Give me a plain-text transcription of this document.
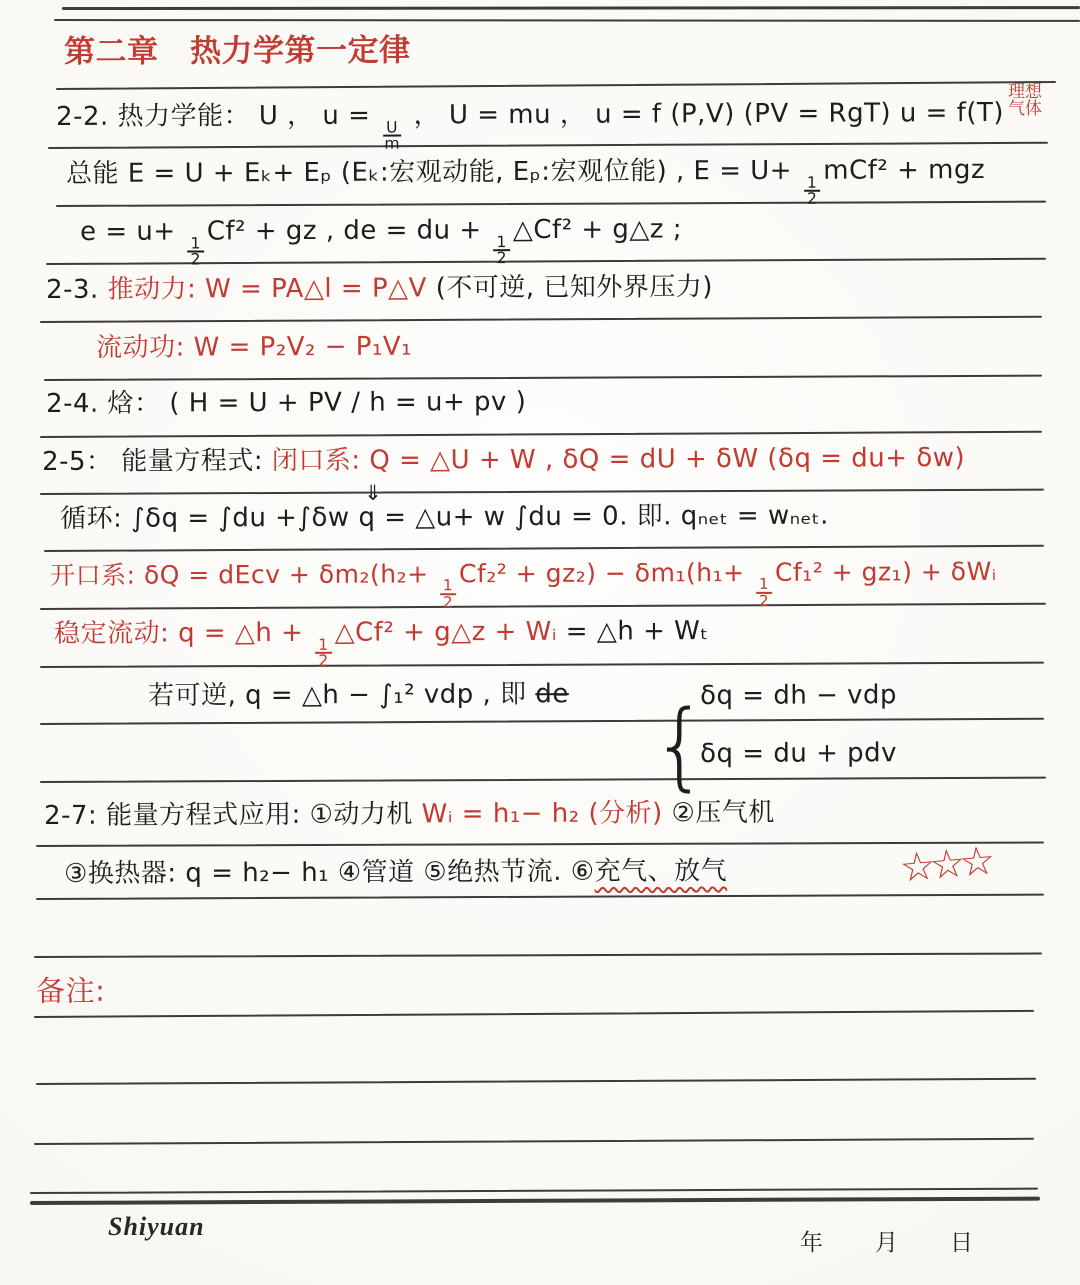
第二章　热力学第一定律
2-2. 热力学能： U ， u =
$\frac{U}{m}$
， U = mu ， u = f (P,V) (PV = RgT) u = f(T)
理想
气体
总能 E = U + Eₖ+ Eₚ (Eₖ:宏观动能, Eₚ:宏观位能) , E = U+
$\frac{1}{2}$
mCf² + mgz
e = u+
$\frac{1}{2}$
Cf² + gz , de = du +
$\frac{1}{2}$
△Cf² + g△z ;
2-3. 推动力: W = PA△l = P△V (不可逆, 已知外界压力)
流动功: W = P₂V₂ − P₁V₁
2-4. 焓： ( H = U + PV / h = u+ pv )
2-5： 能量方程式: 闭口系: Q = △U + W , δQ = dU + δW (δq = du+ δw)
循环: ∫δq = ∫du +∫δw q = △u+ w ∫du = 0. 即. qₙₑₜ = wₙₑₜ.
⇓
开口系: δQ = dEcv + δm₂(h₂+
$\frac{1}{2}$
Cf₂² + gz₂) − δm₁(h₁+
$\frac{1}{2}$
Cf₁² + gz₁) + δWᵢ
稳定流动: q = △h +
$\frac{1}{2}$
△Cf² + g△z + Wᵢ = △h + Wₜ
若可逆, q = △h − ∫₁² vdp , 即 de {
δq = dh − vdp
δq = du + pdv
2-7: 能量方程式应用: ①动力机 Wᵢ = h₁− h₂ (分析) ②压气机
③换热器: q = h₂− h₁ ④管道 ⑤绝热节流. ⑥充气、放气	☆☆☆
备注:
Shiyuan
年　　月　　日
